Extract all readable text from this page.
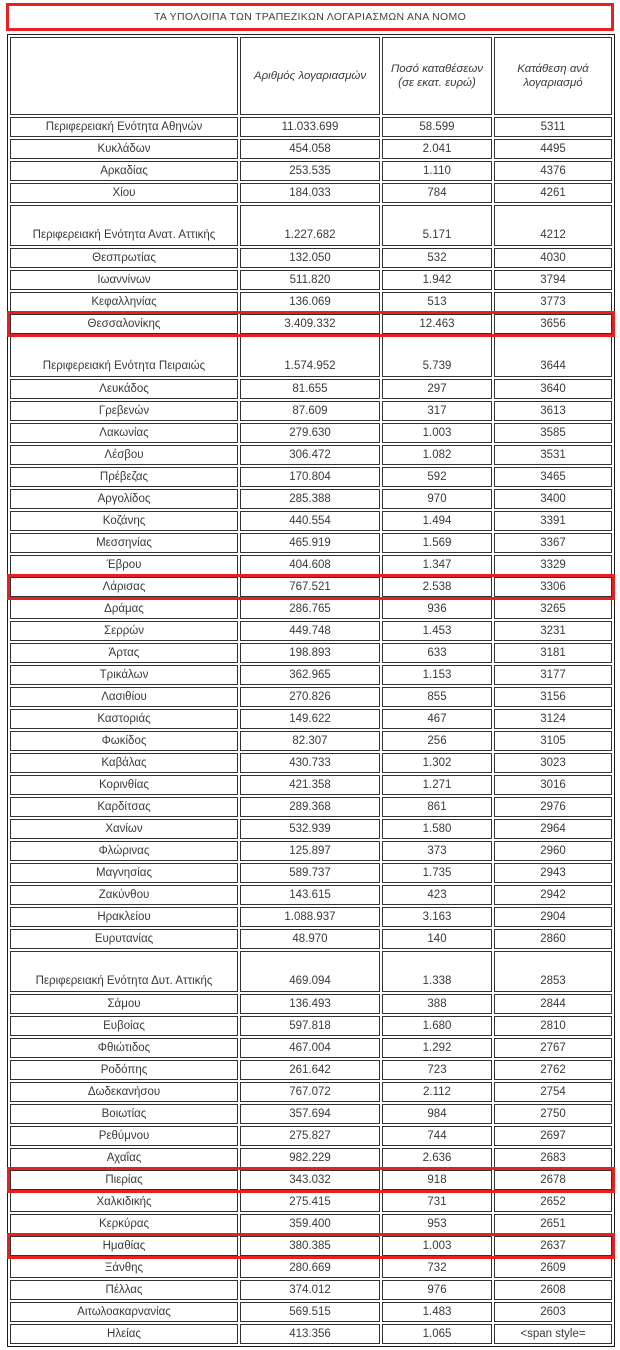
ΤΑ ΥΠΟΛΟΙΠΑ ΤΩΝ ΤΡΑΠΕΖΙΚΩΝ ΛΟΓΑΡΙΑΣΜΩΝ ΑΝΑ ΝΟΜΟ
	Αριθμός λογαριασμών	Ποσό καταθέσεων (σε εκατ. ευρώ)	Κατάθεση ανά λογαριασμό
Περιφερειακή Ενότητα Αθηνών	11.033.699	58.599	5311
Κυκλάδων	454.058	2.041	4495
Αρκαδίας	253.535	1.110	4376
Χίου	184.033	784	4261
Περιφερειακή Ενότητα Ανατ. Αττικής	1.227.682	5.171	4212
Θεσπρωτίας	132.050	532	4030
Ιωαννίνων	511.820	1.942	3794
Κεφαλληνίας	136.069	513	3773
Θεσσαλονίκης	3.409.332	12.463	3656
Περιφερειακή Ενότητα Πειραιώς	1.574.952	5.739	3644
Λευκάδος	81.655	297	3640
Γρεβενών	87.609	317	3613
Λακωνίας	279.630	1.003	3585
Λέσβου	306.472	1.082	3531
Πρέβεζας	170.804	592	3465
Αργολίδος	285.388	970	3400
Κοζάνης	440.554	1.494	3391
Μεσσηνίας	465.919	1.569	3367
Έβρου	404.608	1.347	3329
Λάρισας	767.521	2.538	3306
Δράμας	286.765	936	3265
Σερρών	449.748	1.453	3231
Άρτας	198.893	633	3181
Τρικάλων	362.965	1.153	3177
Λασιθίου	270.826	855	3156
Καστοριάς	149.622	467	3124
Φωκίδος	82.307	256	3105
Καβάλας	430.733	1.302	3023
Κορινθίας	421.358	1.271	3016
Καρδίτσας	289.368	861	2976
Χανίων	532.939	1.580	2964
Φλώρινας	125.897	373	2960
Μαγνησίας	589.737	1.735	2943
Ζακύνθου	143.615	423	2942
Ηρακλείου	1.088.937	3.163	2904
Ευρυτανίας	48.970	140	2860
Περιφερειακή Ενότητα Δυτ. Αττικής	469.094	1.338	2853
Σάμου	136.493	388	2844
Ευβοίας	597.818	1.680	2810
Φθιώτιδος	467.004	1.292	2767
Ροδόπης	261.642	723	2762
Δωδεκανήσου	767.072	2.112	2754
Βοιωτίας	357.694	984	2750
Ρεθύμνου	275.827	744	2697
Αχαΐας	982.229	2.636	2683
Πιερίας	343.032	918	2678
Χαλκιδικής	275.415	731	2652
Κερκύρας	359.400	953	2651
Ημαθίας	380.385	1.003	2637
Ξάνθης	280.669	732	2609
Πέλλας	374.012	976	2608
Αιτωλοακαρνανίας	569.515	1.483	2603
Ηλείας	413.356	1.065	<span style=
